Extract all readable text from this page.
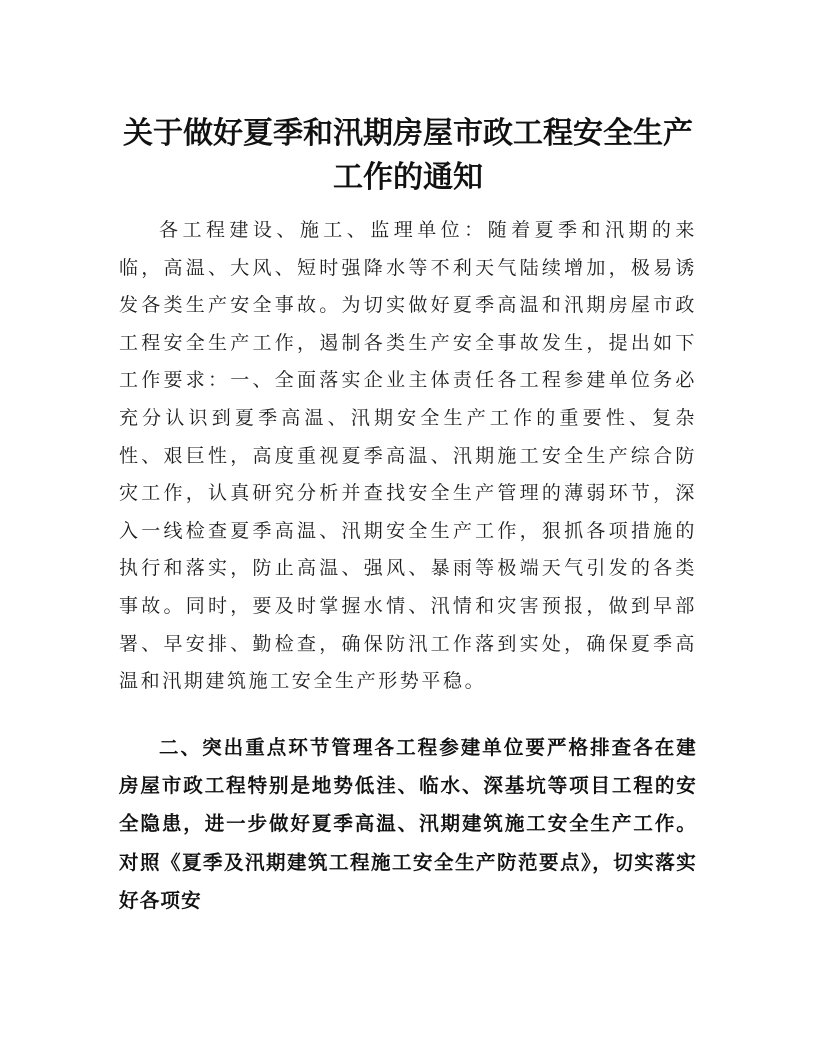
关于做好夏季和汛期房屋市政工程安全生产
工作的通知

各工程建设、施工、监理单位：随着夏季和汛期的来临，高温、大风、短时强降水等不利天气陆续增加，极易诱发各类生产安全事故。为切实做好夏季高温和汛期房屋市政工程安全生产工作，遏制各类生产安全事故发生，提出如下工作要求：一、全面落实企业主体责任各工程参建单位务必充分认识到夏季高温、汛期安全生产工作的重要性、复杂性、艰巨性，高度重视夏季高温、汛期施工安全生产综合防灾工作，认真研究分析并查找安全生产管理的薄弱环节，深入一线检查夏季高温、汛期安全生产工作，狠抓各项措施的执行和落实，防止高温、强风、暴雨等极端天气引发的各类事故。同时，要及时掌握水情、汛情和灾害预报，做到早部署、早安排、勤检查，确保防汛工作落到实处，确保夏季高温和汛期建筑施工安全生产形势平稳。

二、突出重点环节管理各工程参建单位要严格排查各在建房屋市政工程特别是地势低洼、临水、深基坑等项目工程的安全隐患，进一步做好夏季高温、汛期建筑施工安全生产工作。对照《夏季及汛期建筑工程施工安全生产防范要点》，切实落实好各项安
